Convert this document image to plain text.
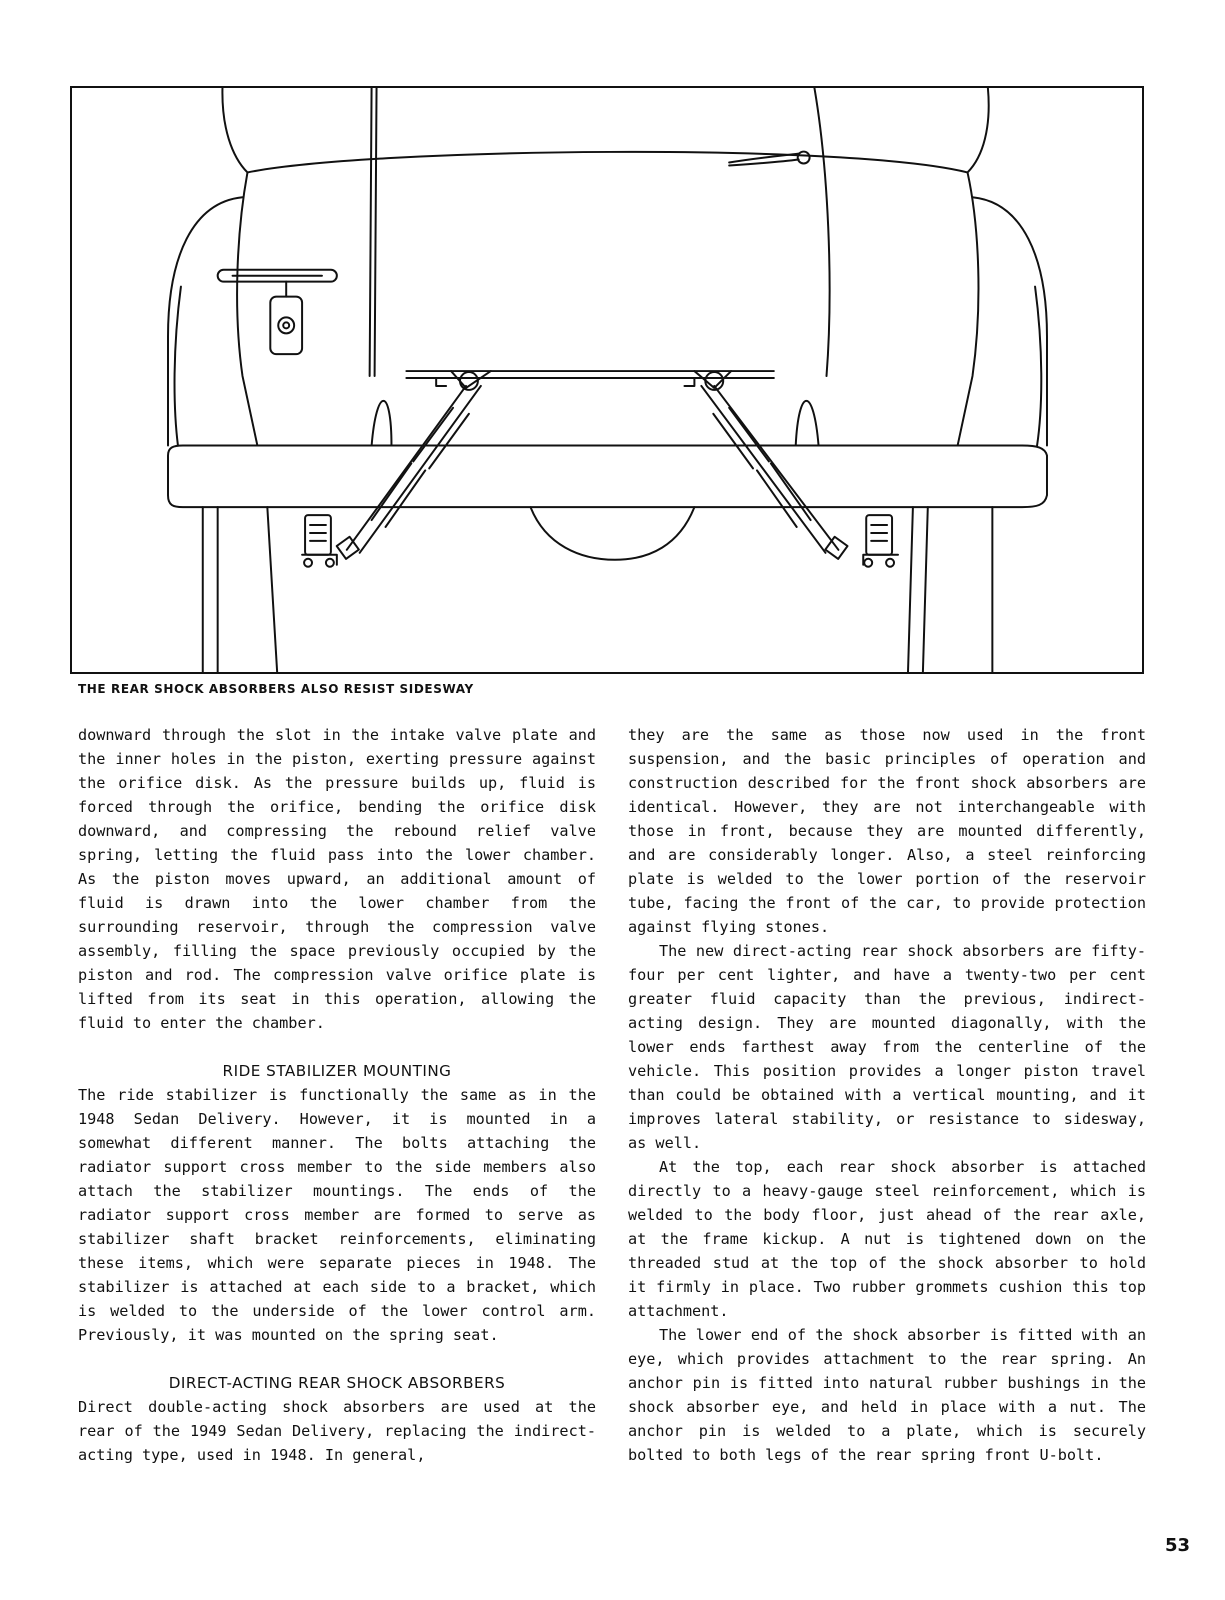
THE REAR SHOCK ABSORBERS ALSO RESIST SIDESWAY

downward through the slot in the intake valve plate and the inner holes in the piston, exerting pressure against the orifice disk. As the pressure builds up, fluid is forced through the orifice, bending the orifice disk downward, and compressing the rebound relief valve spring, letting the fluid pass into the lower chamber. As the piston moves upward, an additional amount of fluid is drawn into the lower chamber from the surrounding reservoir, through the compression valve assembly, filling the space previously occupied by the piston and rod. The compression valve orifice plate is lifted from its seat in this operation, allowing the fluid to enter the chamber.

RIDE STABILIZER MOUNTING

The ride stabilizer is functionally the same as in the 1948 Sedan Delivery. However, it is mounted in a somewhat different manner. The bolts attaching the radiator support cross member to the side members also attach the stabilizer mountings. The ends of the radiator support cross member are formed to serve as stabilizer shaft bracket reinforcements, eliminating these items, which were separate pieces in 1948. The stabilizer is attached at each side to a bracket, which is welded to the underside of the lower control arm. Previously, it was mounted on the spring seat.

DIRECT-ACTING REAR SHOCK ABSORBERS

Direct double-acting shock absorbers are used at the rear of the 1949 Sedan Delivery, replacing the indirect-acting type, used in 1948. In general,

they are the same as those now used in the front suspension, and the basic principles of operation and construction described for the front shock absorbers are identical. However, they are not interchangeable with those in front, because they are mounted differently, and are considerably longer. Also, a steel reinforcing plate is welded to the lower portion of the reservoir tube, facing the front of the car, to provide protection against flying stones.

The new direct-acting rear shock absorbers are fifty-four per cent lighter, and have a twenty-two per cent greater fluid capacity than the previous, indirect-acting design. They are mounted diagonally, with the lower ends farthest away from the centerline of the vehicle. This position provides a longer piston travel than could be obtained with a vertical mounting, and it improves lateral stability, or resistance to sidesway, as well.

At the top, each rear shock absorber is attached directly to a heavy-gauge steel reinforcement, which is welded to the body floor, just ahead of the rear axle, at the frame kickup. A nut is tightened down on the threaded stud at the top of the shock absorber to hold it firmly in place. Two rubber grommets cushion this top attachment.

The lower end of the shock absorber is fitted with an eye, which provides attachment to the rear spring. An anchor pin is fitted into natural rubber bushings in the shock absorber eye, and held in place with a nut. The anchor pin is welded to a plate, which is securely bolted to both legs of the rear spring front U-bolt.

53
